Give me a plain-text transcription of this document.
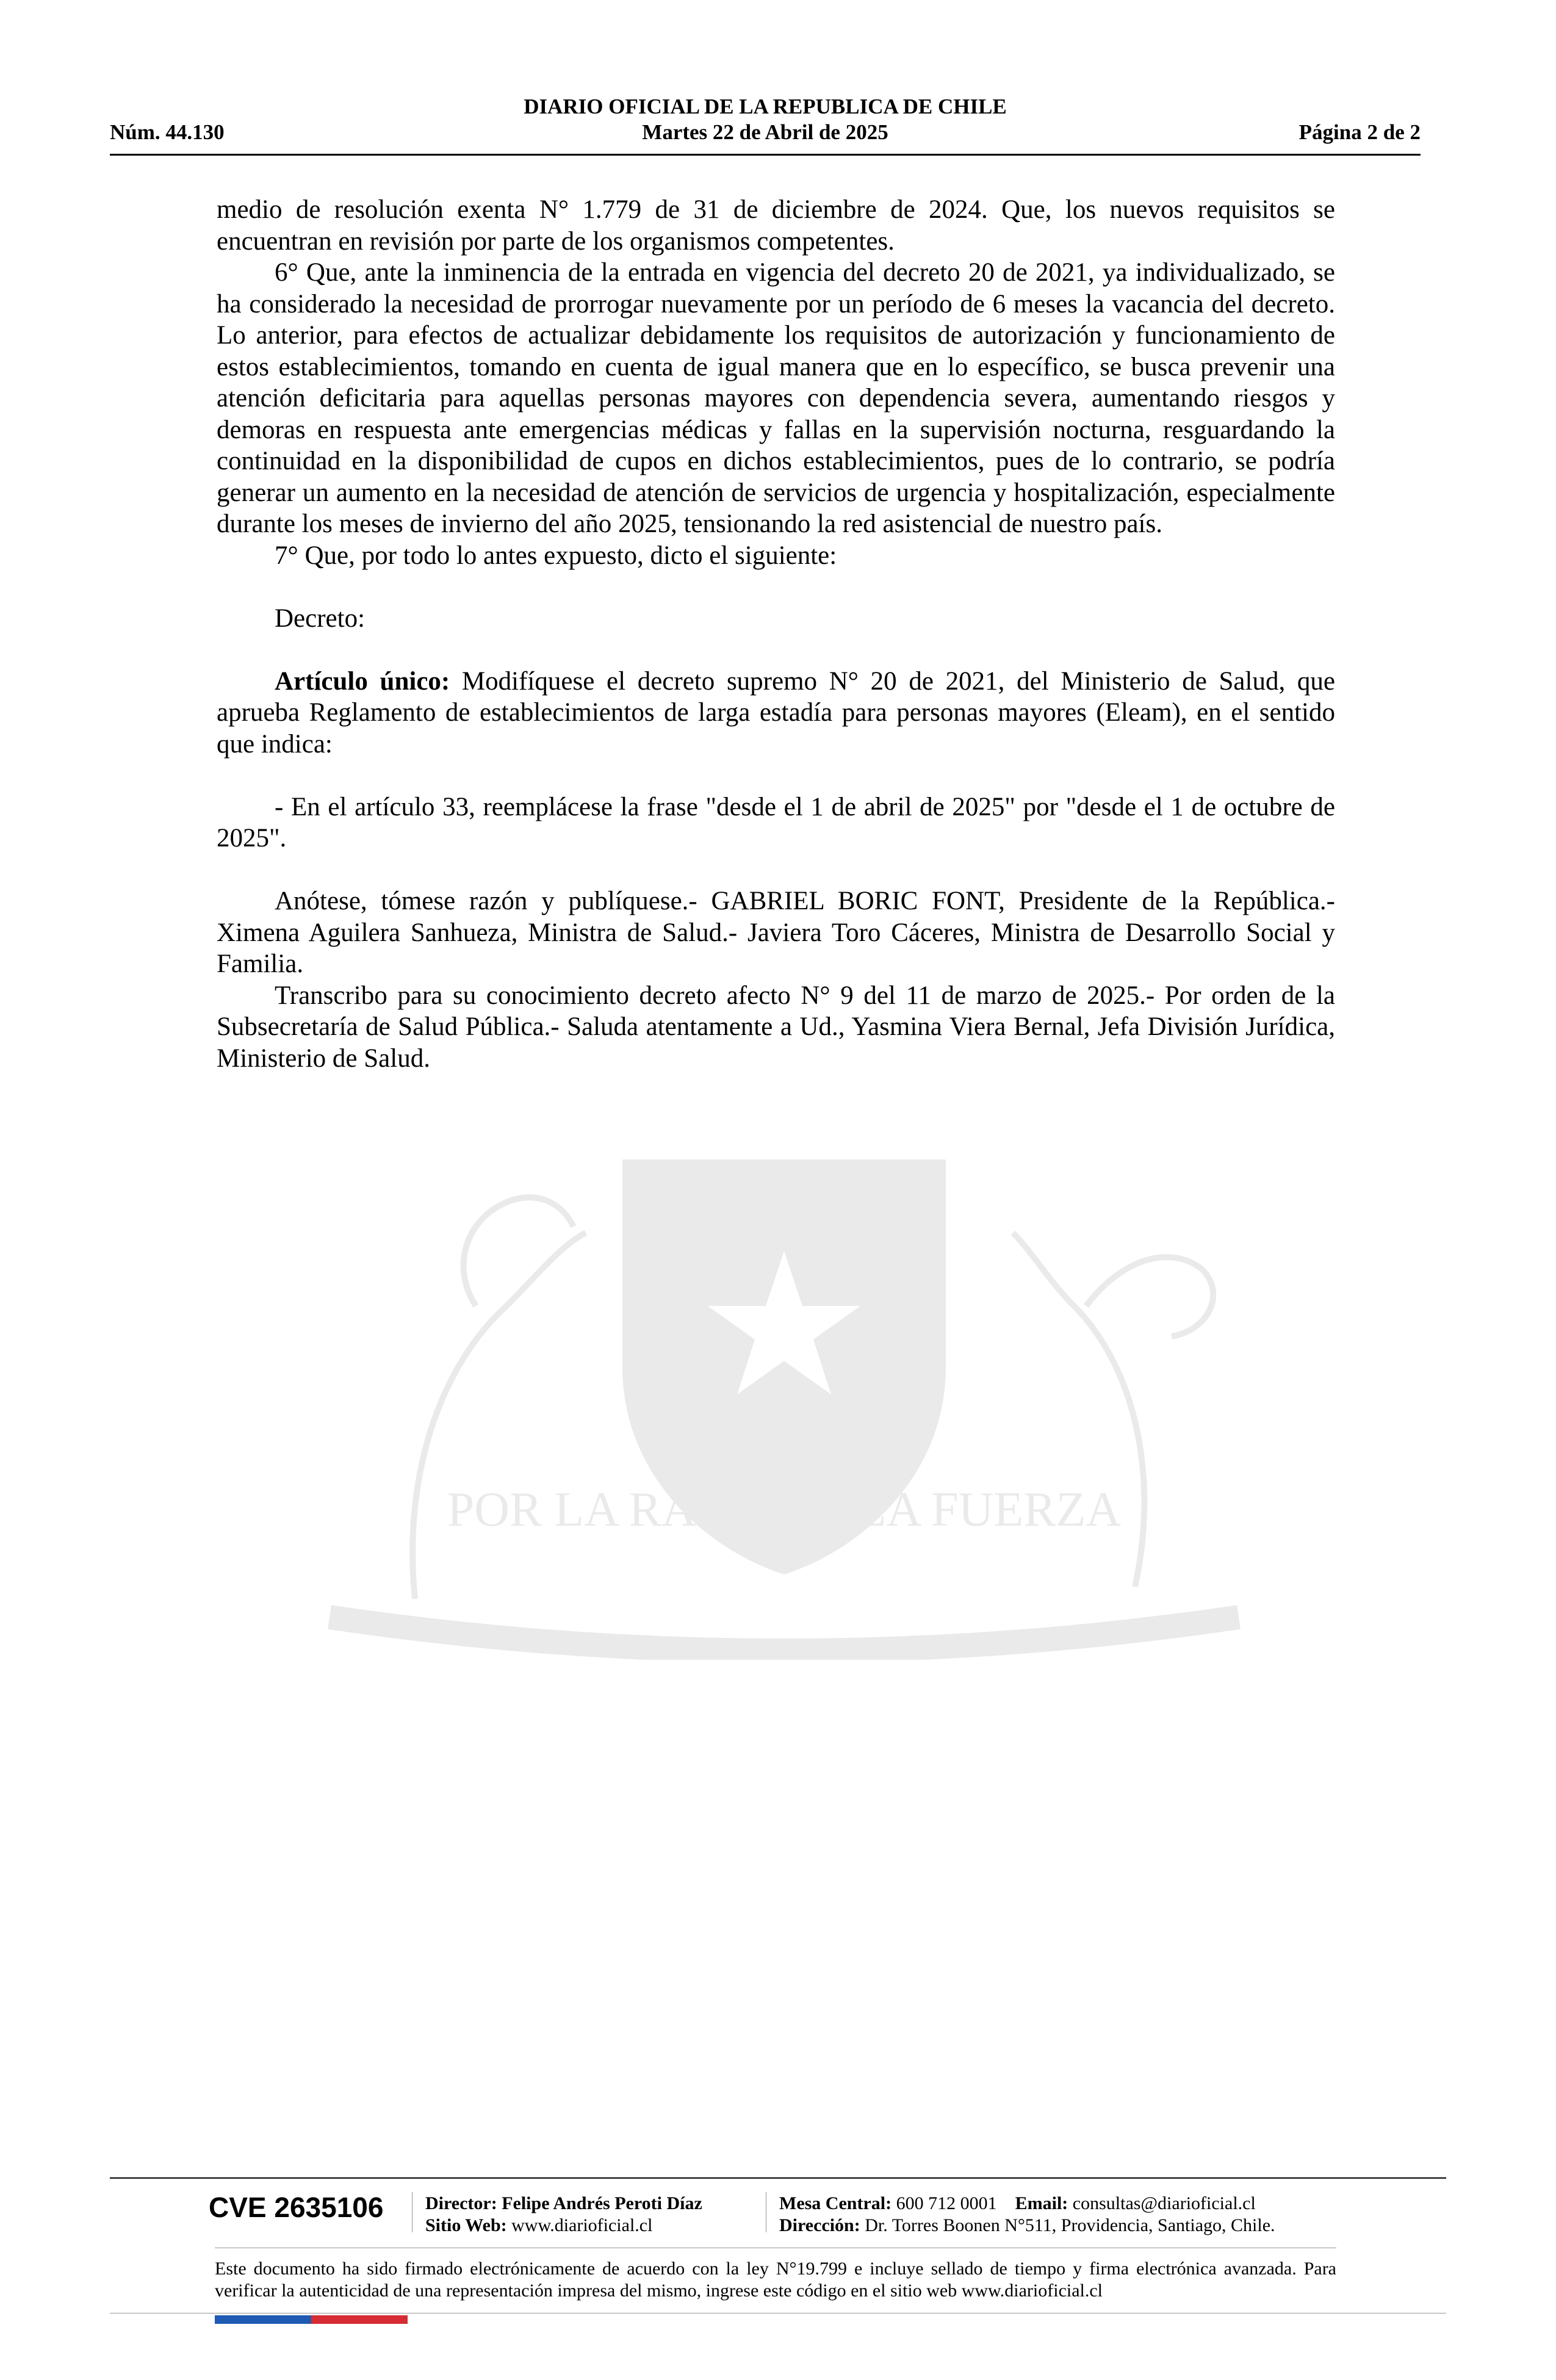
DIARIO OFICIAL DE LA REPUBLICA DE CHILE
Núm. 44.130	Martes 22 de Abril de 2025	Página 2 de 2
POR LA RAZÓN O LA FUERZA

medio de resolución exenta N° 1.779 de 31 de diciembre de 2024. Que, los nuevos requisitos se encuentran en revisión por parte de los organismos competentes.

6° Que, ante la inminencia de la entrada en vigencia del decreto 20 de 2021, ya individualizado, se ha considerado la necesidad de prorrogar nuevamente por un período de 6 meses la vacancia del decreto. Lo anterior, para efectos de actualizar debidamente los requisitos de autorización y funcionamiento de estos establecimientos, tomando en cuenta de igual manera que en lo específico, se busca prevenir una atención deficitaria para aquellas personas mayores con dependencia severa, aumentando riesgos y demoras en respuesta ante emergencias médicas y fallas en la supervisión nocturna, resguardando la continuidad en la disponibilidad de cupos en dichos establecimientos, pues de lo contrario, se podría generar un aumento en la necesidad de atención de servicios de urgencia y hospitalización, especialmente durante los meses de invierno del año 2025, tensionando la red asistencial de nuestro país.

7° Que, por todo lo antes expuesto, dicto el siguiente:

Decreto:

Artículo único: Modifíquese el decreto supremo N° 20 de 2021, del Ministerio de Salud, que aprueba Reglamento de establecimientos de larga estadía para personas mayores (Eleam), en el sentido que indica:

- En el artículo 33, reemplácese la frase "desde el 1 de abril de 2025" por "desde el 1 de octubre de 2025".

Anótese, tómese razón y publíquese.- GABRIEL BORIC FONT, Presidente de la República.- Ximena Aguilera Sanhueza, Ministra de Salud.- Javiera Toro Cáceres, Ministra de Desarrollo Social y Familia.

Transcribo para su conocimiento decreto afecto N° 9 del 11 de marzo de 2025.- Por orden de la Subsecretaría de Salud Pública.- Saluda atentamente a Ud., Yasmina Viera Bernal, Jefa División Jurídica, Ministerio de Salud.

CVE 2635106 Director: Felipe Andrés Peroti Díaz
Sitio Web: www.diarioficial.cl
Mesa Central: 600 712 0001 Email: consultas@diarioficial.cl
Dirección: Dr. Torres Boonen N°511, Providencia, Santiago, Chile.

Este documento ha sido firmado electrónicamente de acuerdo con la ley N°19.799 e incluye sellado de tiempo y firma electrónica avanzada. Para verificar la autenticidad de una representación impresa del mismo, ingrese este código en el sitio web www.diarioficial.cl
